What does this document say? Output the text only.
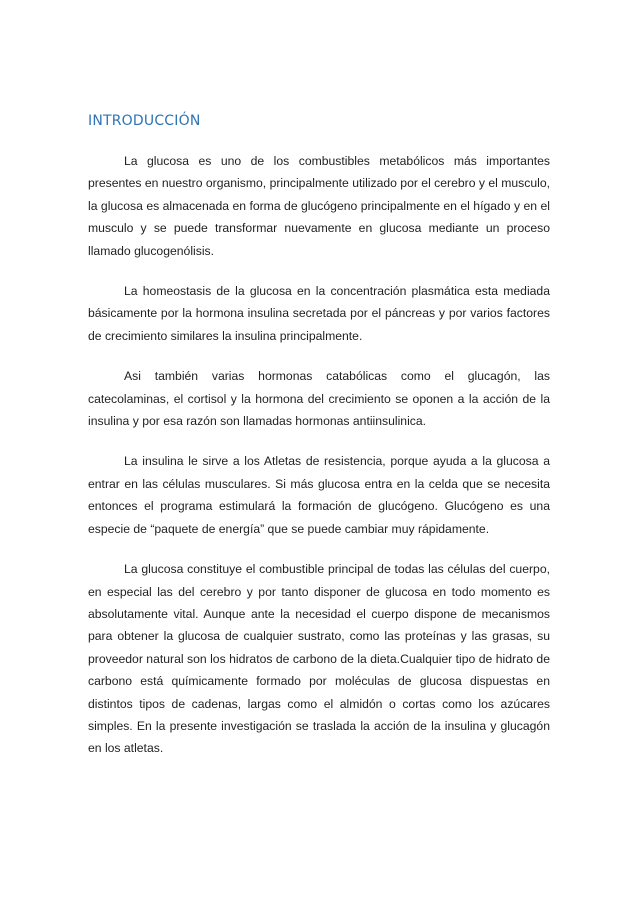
INTRODUCCIÓN

La glucosa es uno de los combustibles metabólicos más importantes presentes en nuestro organismo, principalmente utilizado por el cerebro y el musculo, la glucosa es almacenada en forma de glucógeno principalmente en el hígado y en el musculo y se puede transformar nuevamente en glucosa mediante un proceso llamado glucogenólisis.

La homeostasis de la glucosa en la concentración plasmática esta mediada básicamente por la hormona insulina secretada por el páncreas y por varios factores de crecimiento similares la insulina principalmente.

Asi también varias hormonas catabólicas como el glucagón, las catecolaminas, el cortisol y la hormona del crecimiento se oponen a la acción de la insulina y por esa razón son llamadas hormonas antiinsulinica.

La insulina le sirve a los Atletas de resistencia, porque ayuda a la glucosa a entrar en las células musculares. Si más glucosa entra en la celda que se necesita entonces el programa estimulará la formación de glucógeno. Glucógeno es una especie de “paquete de energía” que se puede cambiar muy rápidamente.

La glucosa constituye el combustible principal de todas las células del cuerpo, en especial las del cerebro y por tanto disponer de glucosa en todo momento es absolutamente vital. Aunque ante la necesidad el cuerpo dispone de mecanismos para obtener la glucosa de cualquier sustrato, como las proteínas y las grasas, su proveedor natural son los hidratos de carbono de la dieta.Cualquier tipo de hidrato de carbono está químicamente formado por moléculas de glucosa dispuestas en distintos tipos de cadenas, largas como el almidón o cortas como los azúcares simples. En la presente investigación se traslada la acción de la insulina y glucagón en los atletas.
